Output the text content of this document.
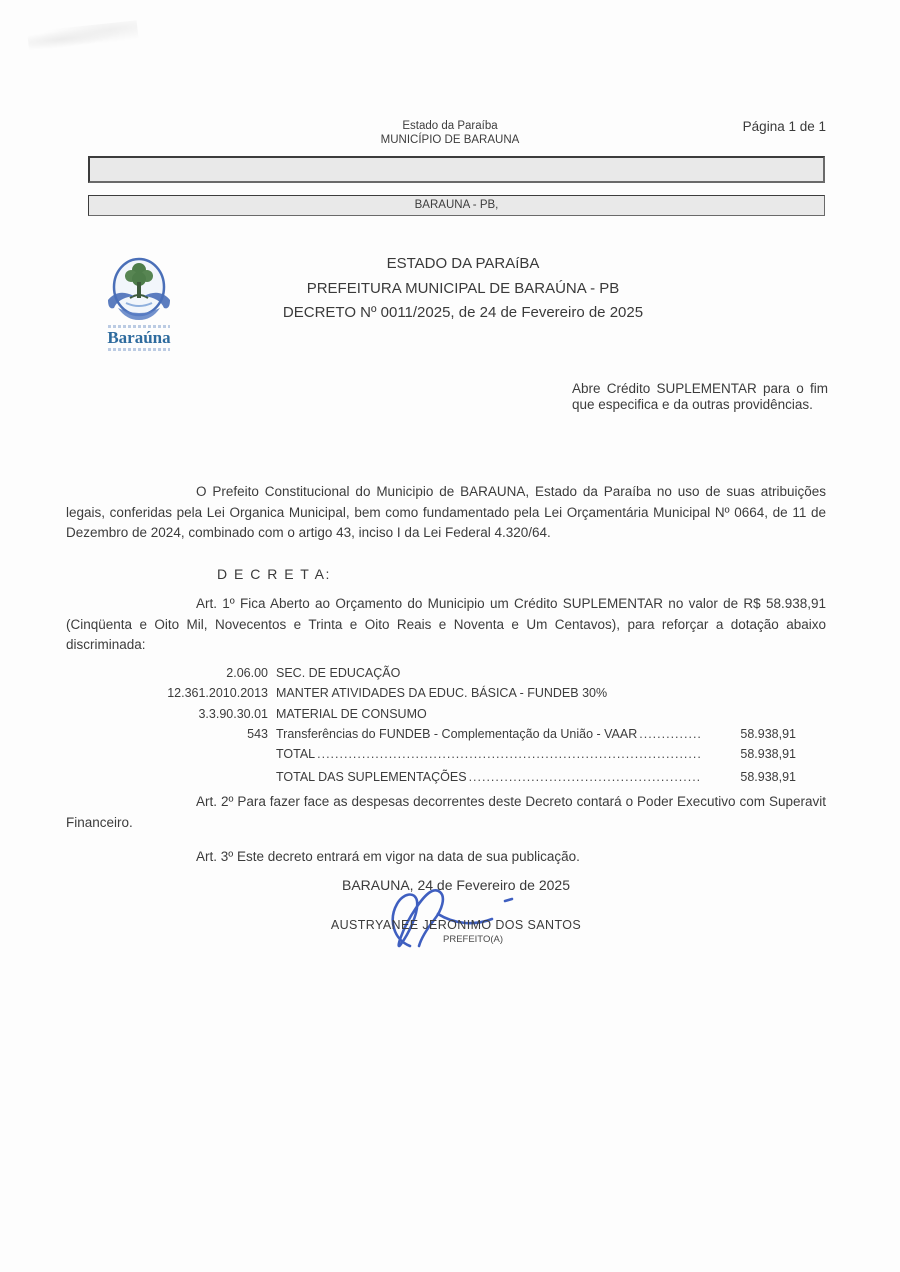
Estado da Paraíba
MUNICÍPIO DE BARAUNA
Página 1 de 1
BARAUNA - PB,
Baraúna
ESTADO DA PARAíBA
PREFEITURA MUNICIPAL DE BARAÚNA - PB
DECRETO Nº 0011/2025, de 24 de Fevereiro de 2025
Abre Crédito SUPLEMENTAR para o fim que especifica e da outras providências.
O Prefeito Constitucional do Municipio de BARAUNA, Estado da Paraíba no uso de suas atribuições legais, conferidas pela Lei Organica Municipal, bem como fundamentado pela Lei Orçamentária Municipal Nº 0664, de 11 de Dezembro de 2024, combinado com o artigo 43, inciso I da Lei Federal 4.320/64.
D E C R E T A:
Art. 1º Fica Aberto ao Orçamento do Municipio um Crédito SUPLEMENTAR no valor de R$ 58.938,91 (Cinqüenta e Oito Mil, Novecentos e Trinta e Oito Reais e Noventa e Um Centavos), para reforçar a dotação abaixo discriminada:
2.06.00 SEC. DE EDUCAÇÃO
12.361.2010.2013 MANTER ATIVIDADES DA EDUC. BÁSICA - FUNDEB 30%
3.3.90.30.01 MATERIAL DE CONSUMO
543 Transferências do FUNDEB - Complementação da União - VAAR .....	58.938,91
TOTAL .....	58.938,91
TOTAL DAS SUPLEMENTAÇÕES .....	58.938,91
Art. 2º Para fazer face as despesas decorrentes deste Decreto contará o Poder Executivo com Superavit Financeiro.
Art. 3º Este decreto entrará em vigor na data de sua publicação.
BARAUNA, 24 de Fevereiro de 2025
AUSTRYANEE JERONIMO DOS SANTOS
PREFEITO(A)
